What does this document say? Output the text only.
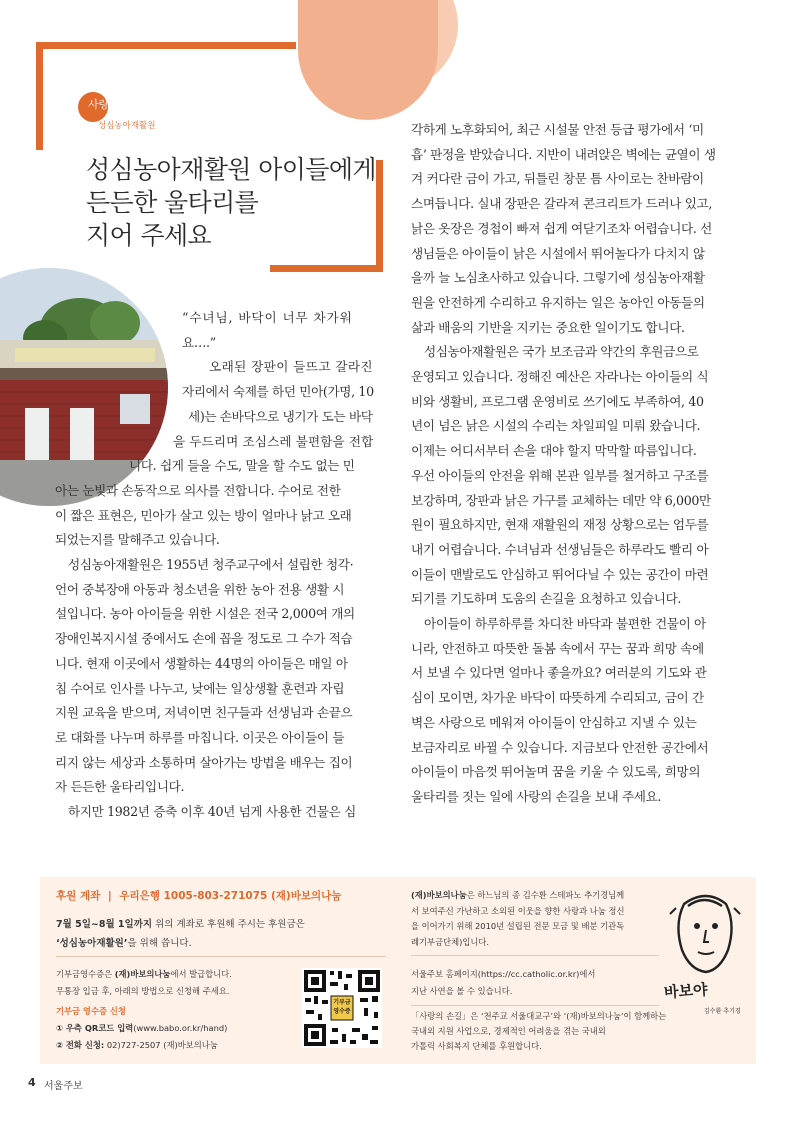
사랑의손길
성심농아재활원
성심농아재활원 아이들에게
든든한 울타리를
지어 주세요
“수녀님, 바닥이 너무 차가워
요….”
오래된 장판이 들뜨고 갈라진
자리에서 숙제를 하던 민아(가명, 10
세)는 손바닥으로 냉기가 도는 바닥
을 두드리며 조심스레 불편함을 전합
니다. 쉽게 들을 수도, 말을 할 수도 없는 민
아는 눈빛과 손동작으로 의사를 전합니다. 수어로 전한
이 짧은 표현은, 민아가 살고 있는 방이 얼마나 낡고 오래
되었는지를 말해주고 있습니다.
성심농아재활원은 1955년 청주교구에서 설립한 청각·
언어 중복장애 아동과 청소년을 위한 농아 전용 생활 시
설입니다. 농아 아이들을 위한 시설은 전국 2,000여 개의
장애인복지시설 중에서도 손에 꼽을 정도로 그 수가 적습
니다. 현재 이곳에서 생활하는 44명의 아이들은 매일 아
침 수어로 인사를 나누고, 낮에는 일상생활 훈련과 자립
지원 교육을 받으며, 저녁이면 친구들과 선생님과 손끝으
로 대화를 나누며 하루를 마칩니다. 이곳은 아이들이 들
리지 않는 세상과 소통하며 살아가는 방법을 배우는 집이
자 든든한 울타리입니다.
하지만 1982년 증축 이후 40년 넘게 사용한 건물은 심
각하게 노후화되어, 최근 시설물 안전 등급 평가에서 ‘미
흡’ 판정을 받았습니다. 지반이 내려앉은 벽에는 균열이 생
겨 커다란 금이 가고, 뒤틀린 창문 틈 사이로는 찬바람이
스며듭니다. 실내 장판은 갈라져 콘크리트가 드러나 있고,
낡은 옷장은 경첩이 빠져 쉽게 여닫기조차 어렵습니다. 선
생님들은 아이들이 낡은 시설에서 뛰어놀다가 다치지 않
을까 늘 노심초사하고 있습니다. 그렇기에 성심농아재활
원을 안전하게 수리하고 유지하는 일은 농아인 아동들의
삶과 배움의 기반을 지키는 중요한 일이기도 합니다.
성심농아재활원은 국가 보조금과 약간의 후원금으로
운영되고 있습니다. 정해진 예산은 자라나는 아이들의 식
비와 생활비, 프로그램 운영비로 쓰기에도 부족하여, 40
년이 넘은 낡은 시설의 수리는 차일피일 미뤄 왔습니다.
이제는 어디서부터 손을 대야 할지 막막할 따름입니다.
우선 아이들의 안전을 위해 본관 일부를 철거하고 구조를
보강하며, 장판과 낡은 가구를 교체하는 데만 약 6,000만
원이 필요하지만, 현재 재활원의 재정 상황으로는 엄두를
내기 어렵습니다. 수녀님과 선생님들은 하루라도 빨리 아
이들이 맨발로도 안심하고 뛰어다닐 수 있는 공간이 마련
되기를 기도하며 도움의 손길을 요청하고 있습니다.
아이들이 하루하루를 차디찬 바닥과 불편한 건물이 아
니라, 안전하고 따뜻한 돌봄 속에서 꾸는 꿈과 희망 속에
서 보낼 수 있다면 얼마나 좋을까요? 여러분의 기도와 관
심이 모이면, 차가운 바닥이 따뜻하게 수리되고, 금이 간
벽은 사랑으로 메워져 아이들이 안심하고 지낼 수 있는
보금자리로 바뀔 수 있습니다. 지금보다 안전한 공간에서
아이들이 마음껏 뛰어놀며 꿈을 키울 수 있도록, 희망의
울타리를 짓는 일에 사랑의 손길을 보내 주세요.
후원 계좌 | 우리은행 1005-803-271075 (재)바보의나눔
7월 5일~8월 1일까지 위의 계좌로 후원해 주시는 후원금은
‘성심농아재활원’을 위해 씁니다.
기부금영수증은 (재)바보의나눔에서 발급합니다.
무통장 입금 후, 아래의 방법으로 신청해 주세요.
기부금 영수증 신청
① 우측 QR코드 입력(www.babo.or.kr/hand)
② 전화 신청: 02)727-2507 (재)바보의나눔
기부금
영수증
(재)바보의나눔은 하느님의 종 김수환 스테파노 추기경님께
서 보여주신 가난하고 소외된 이웃을 향한 사랑과 나눔 정신
을 이어가기 위해 2010년 설립된 전문 모금 및 배분 기관독
례기부금단체)입니다.
서울주보 홈페이지(https://cc.catholic.or.kr)에서
지난 사연을 볼 수 있습니다.
「사랑의 손길」은 ‘천주교 서울대교구’와 ‘(재)바보의나눔’이 함께하는
국내외 지원 사업으로, 경제적인 어려움을 겪는 국내외
가톨릭 사회복지 단체를 후원합니다.
바보야
김수환 추기경
4 서울주보
